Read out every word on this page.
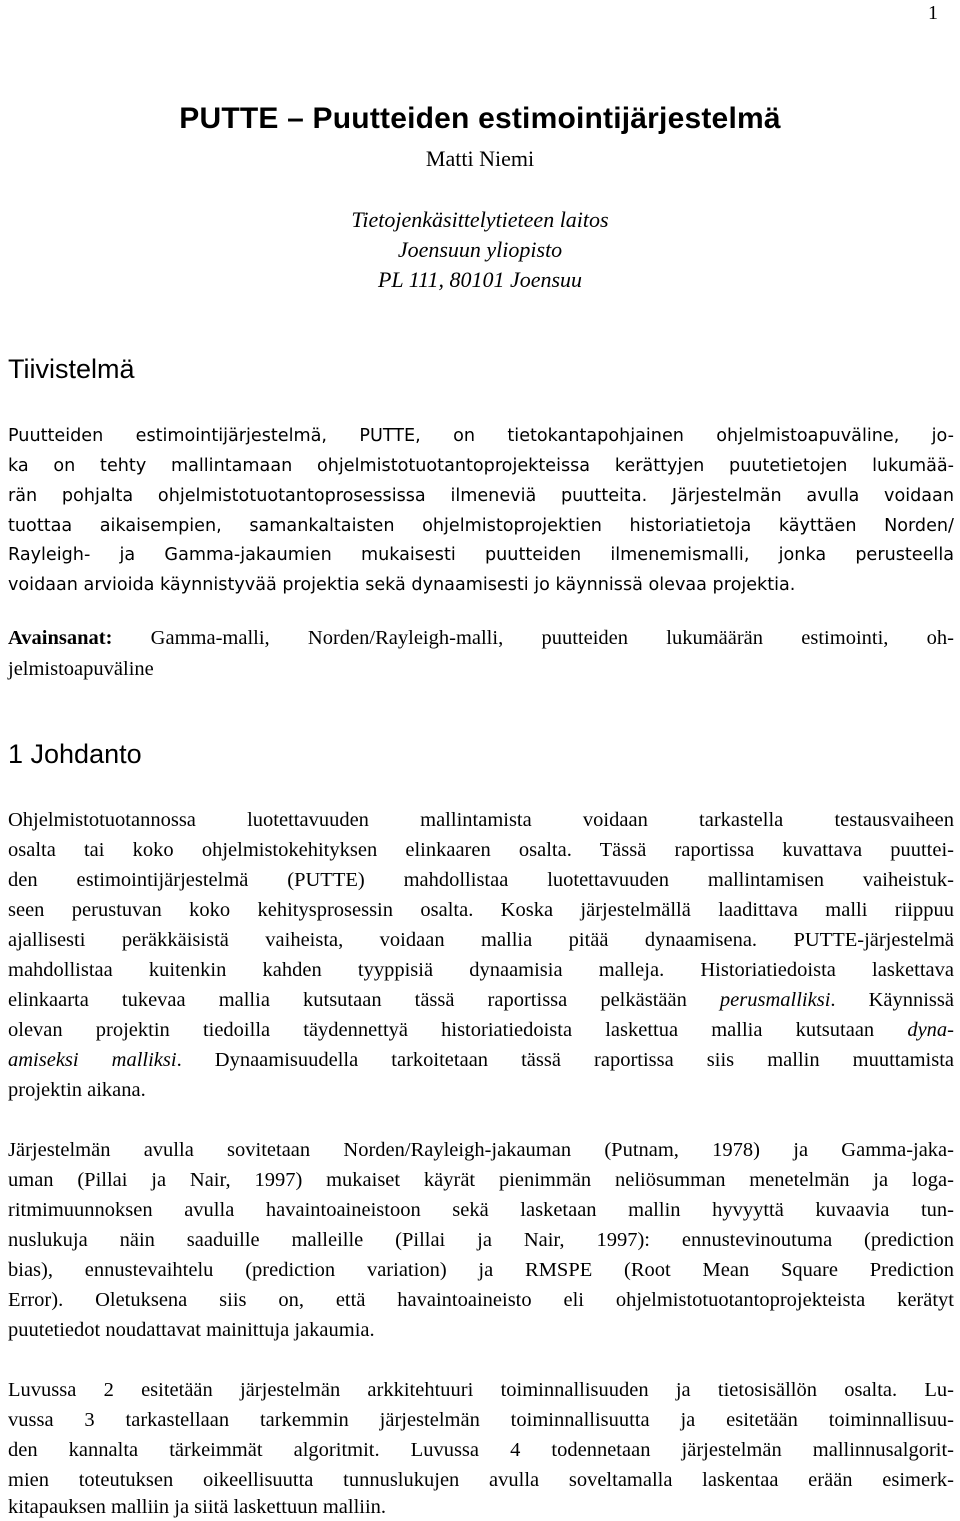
1
PUTTE – Puutteiden estimointijärjestelmä
Matti Niemi
Tietojenkäsittelytieteen laitos
Joensuun yliopisto
PL 111, 80101 Joensuu
Tiivistelmä
Puutteiden estimointijärjestelmä, PUTTE, on tietokantapohjainen ohjelmistoapuväline, jo-
ka on tehty mallintamaan ohjelmistotuotantoprojekteissa kerättyjen puutetietojen lukumää-
rän pohjalta ohjelmistotuotantoprosessissa ilmeneviä puutteita. Järjestelmän avulla voidaan
tuottaa aikaisempien, samankaltaisten ohjelmistoprojektien historiatietoja käyttäen Norden/
Rayleigh- ja Gamma-jakaumien mukaisesti puutteiden ilmenemismalli, jonka perusteella
voidaan arvioida käynnistyvää projektia sekä dynaamisesti jo käynnissä olevaa projektia.
Avainsanat: Gamma-malli, Norden/Rayleigh-malli, puutteiden lukumäärän estimointi, oh-
jelmistoapuväline
1 Johdanto
Ohjelmistotuotannossa luotettavuuden mallintamista voidaan tarkastella testausvaiheen
osalta tai koko ohjelmistokehityksen elinkaaren osalta. Tässä raportissa kuvattava puuttei-
den estimointijärjestelmä (PUTTE) mahdollistaa luotettavuuden mallintamisen vaiheistuk-
seen perustuvan koko kehitysprosessin osalta. Koska järjestelmällä laadittava malli riippuu
ajallisesti peräkkäisistä vaiheista, voidaan mallia pitää dynaamisena. PUTTE-järjestelmä
mahdollistaa kuitenkin kahden tyyppisiä dynaamisia malleja. Historiatiedoista laskettava
elinkaarta tukevaa mallia kutsutaan tässä raportissa pelkästään perusmalliksi. Käynnissä
olevan projektin tiedoilla täydennettyä historiatiedoista laskettua mallia kutsutaan dyna-
amiseksi malliksi. Dynaamisuudella tarkoitetaan tässä raportissa siis mallin muuttamista
projektin aikana.
Järjestelmän avulla sovitetaan Norden/Rayleigh-jakauman (Putnam, 1978) ja Gamma-jaka-
uman (Pillai ja Nair, 1997) mukaiset käyrät pienimmän neliösumman menetelmän ja loga-
ritmimuunnoksen avulla havaintoaineistoon sekä lasketaan mallin hyvyyttä kuvaavia tun-
nuslukuja näin saaduille malleille (Pillai ja Nair, 1997): ennustevinoutuma (prediction
bias), ennustevaihtelu (prediction variation) ja RMSPE (Root Mean Square Prediction
Error). Oletuksena siis on, että havaintoaineisto eli ohjelmistotuotantoprojekteista kerätyt
puutetiedot noudattavat mainittuja jakaumia.
Luvussa 2 esitetään järjestelmän arkkitehtuuri toiminnallisuuden ja tietosisällön osalta. Lu-
vussa 3 tarkastellaan tarkemmin järjestelmän toiminnallisuutta ja esitetään toiminnallisuu-
den kannalta tärkeimmät algoritmit. Luvussa 4 todennetaan järjestelmän mallinnusalgorit-
mien toteutuksen oikeellisuutta tunnuslukujen avulla soveltamalla laskentaa erään esimerk-
kitapauksen malliin ja siitä laskettuun malliin.
